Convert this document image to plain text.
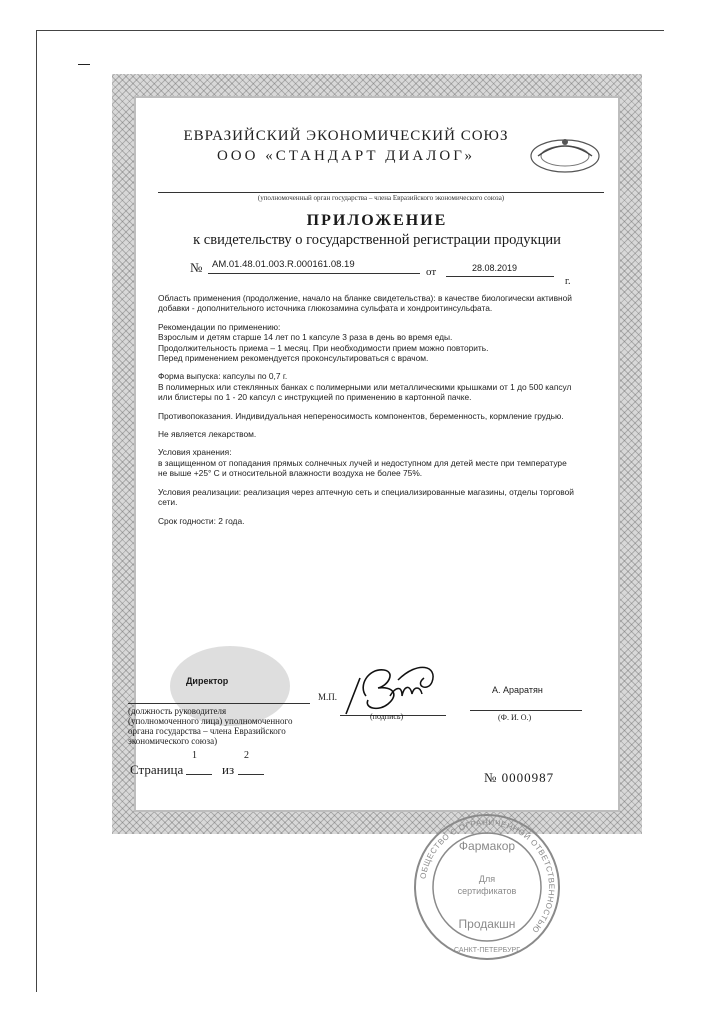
ЕВРАЗИЙСКИЙ ЭКОНОМИЧЕСКИЙ СОЮЗ
ООО «СТАНДАРТ ДИАЛОГ»
(уполномоченный орган государства – члена Евразийского экономического союза)
ПРИЛОЖЕНИЕ
к свидетельству о государственной регистрации продукции
№ AM.01.48.01.003.R.000161.08.19
от	28.08.2019
г.
Область применения (продолжение, начало на бланке свидетельства): в качестве биологически активной добавки - дополнительного источника глюкозамина сульфата и хондроитинсульфата.
Рекомендации по применению:
Взрослым и детям старше 14 лет по 1 капсуле 3 раза в день во время еды.
Продолжительность приема – 1 месяц. При необходимости прием можно повторить.
Перед применением рекомендуется проконсультироваться с врачом.
Форма выпуска: капсулы по 0,7 г.
В полимерных или стеклянных банках с полимерными или металлическими крышками от 1 до 500 капсул или блистеры по 1 - 20 капсул с инструкцией по применению в картонной пачке.
Противопоказания. Индивидуальная непереносимость компонентов, беременность, кормление грудью.
Не является лекарством.
Условия хранения:
в защищенном от попадания прямых солнечных лучей и недоступном для детей месте при температуре не выше +25° С и относительной влажности воздуха не более 75%.
Условия реализации: реализация через аптечную сеть и специализированные магазины, отделы торговой сети.
Срок годности: 2 года.
Директор
М.П.
А. Араратян
(должность руководителя
(уполномоченного лица) уполномоченного
органа государства – члена Евразийского
экономического союза)
(подпись)	(Ф. И. О.)
Страница
1
из
2
№ 0000987
ОБЩЕСТВО С ОГРАНИЧЕННОЙ ОТВЕТСТВЕННОСТЬЮ
Фармакор
Для
сертификатов
Продакшн
САНКТ-ПЕТЕРБУРГ
